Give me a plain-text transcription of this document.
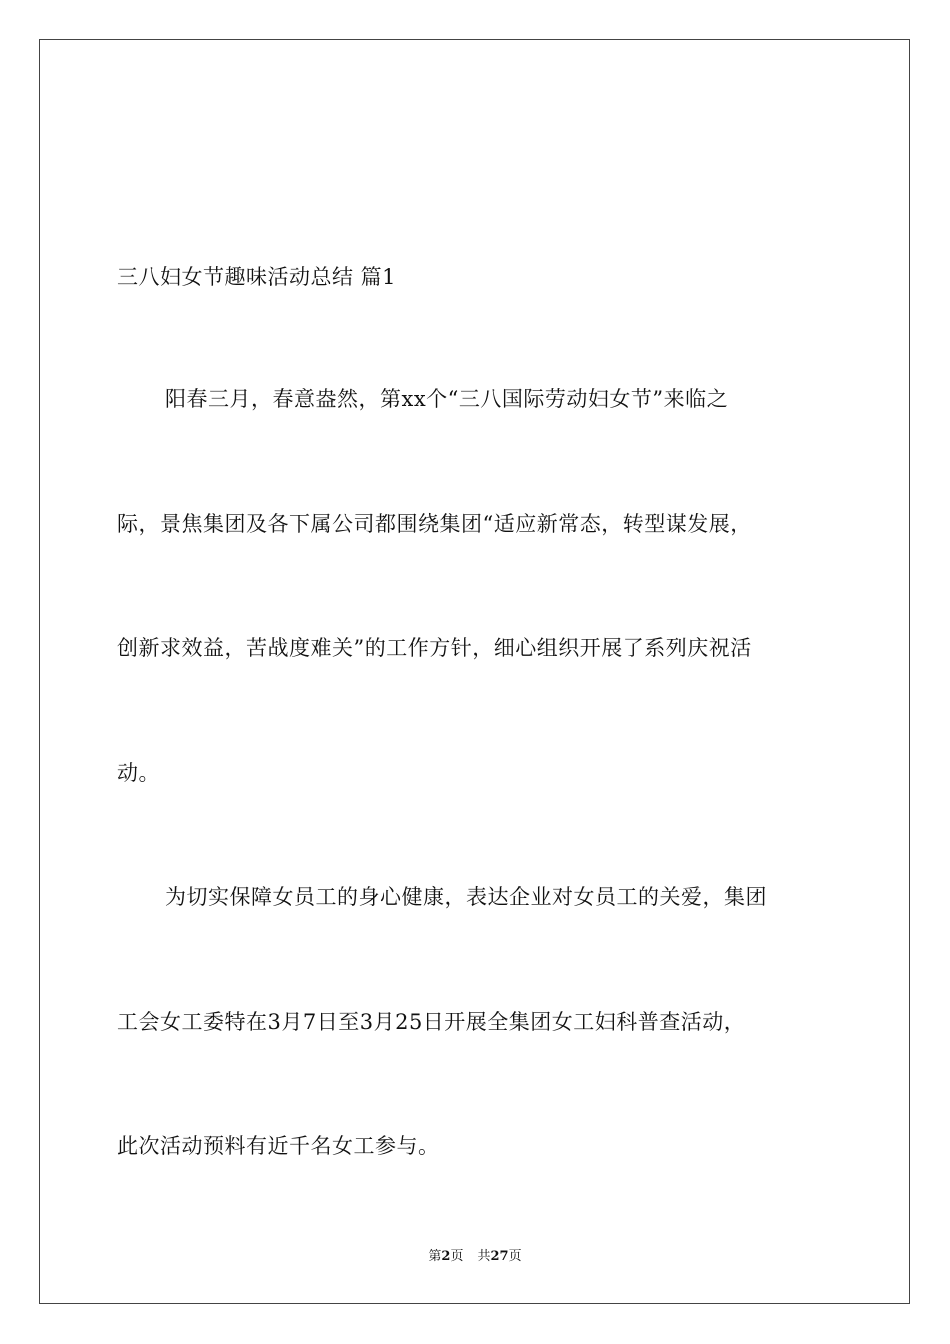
三八妇女节趣味活动总结 篇1

阳春三月，春意盎然，第xx个“三八国际劳动妇女节”来临之

际，景焦集团及各下属公司都围绕集团“适应新常态，转型谋发展，

创新求效益，苦战度难关”的工作方针，细心组织开展了系列庆祝活

动。

为切实保障女员工的身心健康，表达企业对女员工的关爱，集团

工会女工委特在3月7日至3月25日开展全集团女工妇科普查活动，

此次活动预料有近千名女工参与。

第2页 共27页
